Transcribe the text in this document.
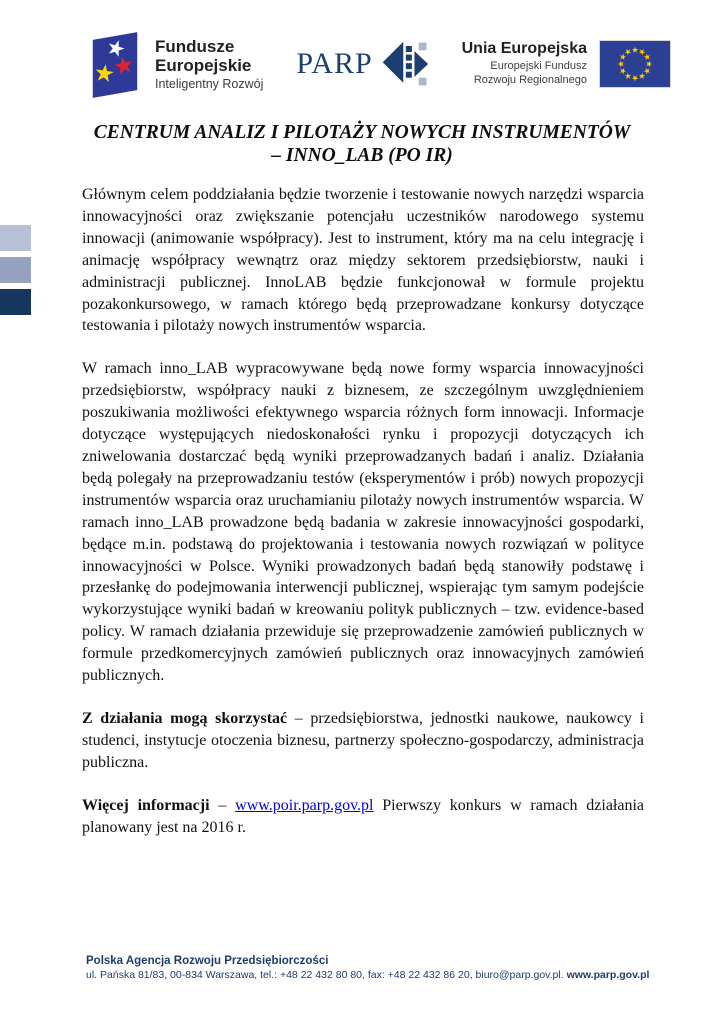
Fundusze
Europejskie
Inteligentny Rozwój
PARP	Unia Europejska
Europejski Fundusz
Rozwoju Regionalnego
CENTRUM ANALIZ I PILOTAŻY NOWYCH INSTRUMENTÓW
– INNO_LAB (PO IR)

Głównym celem poddziałania będzie tworzenie i testowanie nowych narzędzi wsparcia innowacyjności oraz zwiększanie potencjału uczestników narodowego systemu innowacji (animowanie współpracy). Jest to instrument, który ma na celu integrację i animację współpracy wewnątrz oraz między sektorem przedsiębiorstw, nauki i administracji publicznej. InnoLAB będzie funkcjonował w formule projektu pozakonkursowego, w ramach którego będą przeprowadzane konkursy dotyczące testowania i pilotaży nowych instrumentów wsparcia.

W ramach inno_LAB wypracowywane będą nowe formy wsparcia innowacyjności przedsiębiorstw, współpracy nauki z biznesem, ze szczególnym uwzględnieniem poszukiwania możliwości efektywnego wsparcia różnych form innowacji. Informacje dotyczące występujących niedoskonałości rynku i propozycji dotyczących ich zniwelowania dostarczać będą wyniki przeprowadzanych badań i analiz. Działania będą polegały na przeprowadzaniu testów (eksperymentów i prób) nowych propozycji instrumentów wsparcia oraz uruchamianiu pilotaży nowych instrumentów wsparcia. W ramach inno_LAB prowadzone będą badania w zakresie innowacyjności gospodarki, będące m.in. podstawą do projektowania i testowania nowych rozwiązań w polityce innowacyjności w Polsce. Wyniki prowadzonych badań będą stanowiły podstawę i przesłankę do podejmowania interwencji publicznej, wspierając tym samym podejście wykorzystujące wyniki badań w kreowaniu polityk publicznych – tzw. evidence-based policy. W ramach działania przewiduje się przeprowadzenie zamówień publicznych w formule przedkomercyjnych zamówień publicznych oraz innowacyjnych zamówień publicznych.

Z działania mogą skorzystać – przedsiębiorstwa, jednostki naukowe, naukowcy i studenci, instytucje otoczenia biznesu, partnerzy społeczno-gospodarczy, administracja publiczna.

Więcej informacji – www.poir.parp.gov.pl Pierwszy konkurs w ramach działania planowany jest na 2016 r.

Polska Agencja Rozwoju Przedsiębiorczości
ul. Pańska 81/83, 00-834 Warszawa, tel.: +48 22 432 80 80, fax: +48 22 432 86 20, biuro@parp.gov.pl. www.parp.gov.pl
